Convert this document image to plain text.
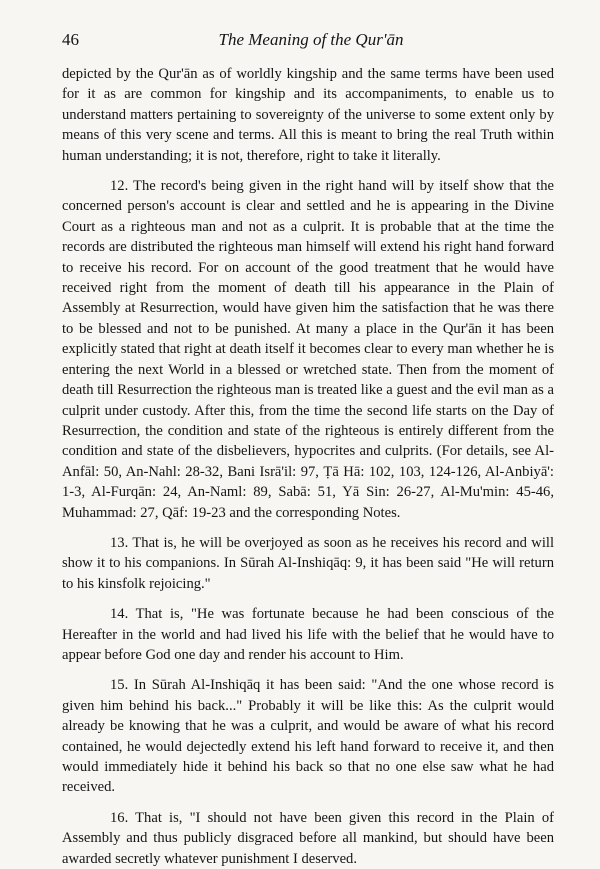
46	The Meaning of the Qur'ān

depicted by the Qur'ān as of worldly kingship and the same terms have been used for it as are common for kingship and its accompaniments, to enable us to understand matters pertaining to sovereignty of the universe to some extent only by means of this very scene and terms. All this is meant to bring the real Truth within human understanding; it is not, therefore, right to take it literally.

12. The record's being given in the right hand will by itself show that the concerned person's account is clear and settled and he is appearing in the Divine Court as a righteous man and not as a culprit. It is probable that at the time the records are distributed the righteous man himself will extend his right hand forward to receive his record. For on account of the good treatment that he would have received right from the moment of death till his appearance in the Plain of Assembly at Resurrection, would have given him the satisfaction that he was there to be blessed and not to be punished. At many a place in the Qur'ān it has been explicitly stated that right at death itself it becomes clear to every man whether he is entering the next World in a blessed or wretched state. Then from the moment of death till Resurrection the righteous man is treated like a guest and the evil man as a culprit under custody. After this, from the time the second life starts on the Day of Resurrection, the condition and state of the righteous is entirely different from the condition and state of the disbelievers, hypocrites and culprits. (For details, see Al-Anfāl: 50, An-Nahl: 28-32, Bani Isrā'il: 97, Ṭā Hā: 102, 103, 124-126, Al-Anbiyā': 1-3, Al-Furqān: 24, An-Naml: 89, Sabā: 51, Yā Sin: 26-27, Al-Mu'min: 45-46, Muhammad: 27, Qāf: 19-23 and the corresponding Notes.

13. That is, he will be overjoyed as soon as he receives his record and will show it to his companions. In Sūrah Al-Inshiqāq: 9, it has been said "He will return to his kinsfolk rejoicing."

14. That is, "He was fortunate because he had been conscious of the Hereafter in the world and had lived his life with the belief that he would have to appear before God one day and render his account to Him.

15. In Sūrah Al-Inshiqāq it has been said: "And the one whose record is given him behind his back..." Probably it will be like this: As the culprit would already be knowing that he was a culprit, and would be aware of what his record contained, he would dejectedly extend his left hand forward to receive it, and then would immediately hide it behind his back so that no one else saw what he had received.

16. That is, "I should not have been given this record in the Plain of Assembly and thus publicly disgraced before all mankind, but should have been awarded secretly whatever punishment I deserved.
